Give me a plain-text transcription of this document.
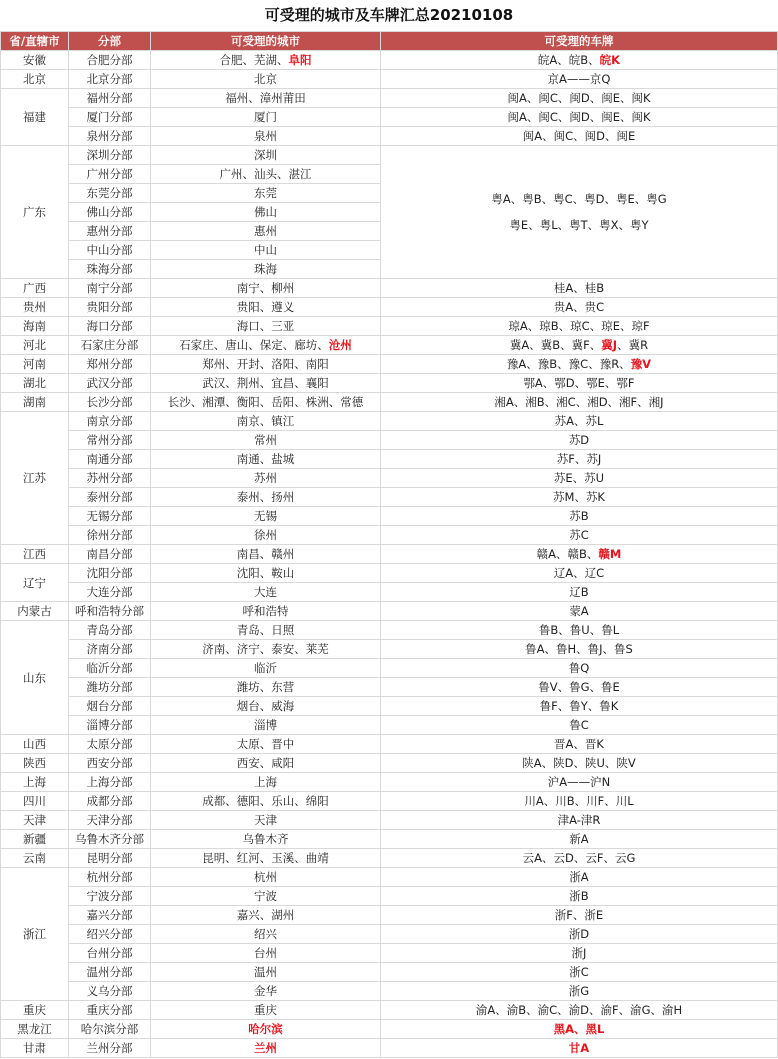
可受理的城市及车牌汇总20210108
省/直辖市	分部	可受理的城市	可受理的车牌
安徽	合肥分部	合肥、芜湖、阜阳	皖A、皖B、皖K
北京	北京分部	北京	京A——京Q
福建	福州分部	福州、漳州莆田	闽A、闽C、闽D、闽E、闽K
	厦门分部	厦门	闽A、闽C、闽D、闽E、闽K
	泉州分部	泉州	闽A、闽C、闽D、闽E
广东	深圳分部	深圳	粤A、粤B、粤C、粤D、粤E、粤G
粤E、粤L、粤T、粤X、粤Y

	广州分部	广州、汕头、湛江	
	东莞分部	东莞	
	佛山分部	佛山	
	惠州分部	惠州	
	中山分部	中山	
	珠海分部	珠海	
广西	南宁分部	南宁、柳州	桂A、桂B
贵州	贵阳分部	贵阳、遵义	贵A、贵C
海南	海口分部	海口、三亚	琼A、琼B、琼C、琼E、琼F
河北	石家庄分部	石家庄、唐山、保定、廊坊、沧州	冀A、冀B、冀F、冀J、冀R
河南	郑州分部	郑州、开封、洛阳、南阳	豫A、豫B、豫C、豫R、豫V
湖北	武汉分部	武汉、荆州、宜昌、襄阳	鄂A、鄂D、鄂E、鄂F
湖南	长沙分部	长沙、湘潭、衡阳、岳阳、株洲、常德	湘A、湘B、湘C、湘D、湘F、湘J
江苏	南京分部	南京、镇江	苏A、苏L
	常州分部	常州	苏D
	南通分部	南通、盐城	苏F、苏J
	苏州分部	苏州	苏E、苏U
	泰州分部	泰州、扬州	苏M、苏K
	无锡分部	无锡	苏B
	徐州分部	徐州	苏C
江西	南昌分部	南昌、赣州	赣A、赣B、赣M
辽宁	沈阳分部	沈阳、鞍山	辽A、辽C
	大连分部	大连	辽B
内蒙古	呼和浩特分部	呼和浩特	蒙A
山东	青岛分部	青岛、日照	鲁B、鲁U、鲁L
	济南分部	济南、济宁、泰安、莱芜	鲁A、鲁H、鲁J、鲁S
	临沂分部	临沂	鲁Q
	潍坊分部	潍坊、东营	鲁V、鲁G、鲁E
	烟台分部	烟台、威海	鲁F、鲁Y、鲁K
	淄博分部	淄博	鲁C
山西	太原分部	太原、晋中	晋A、晋K
陕西	西安分部	西安、咸阳	陕A、陕D、陕U、陕V
上海	上海分部	上海	沪A——沪N
四川	成都分部	成都、德阳、乐山、绵阳	川A、川B、川F、川L
天津	天津分部	天津	津A-津R
新疆	乌鲁木齐分部	乌鲁木齐	新A
云南	昆明分部	昆明、红河、玉溪、曲靖	云A、云D、云F、云G
浙江	杭州分部	杭州	浙A
	宁波分部	宁波	浙B
	嘉兴分部	嘉兴、湖州	浙F、浙E
	绍兴分部	绍兴	浙D
	台州分部	台州	浙J
	温州分部	温州	浙C
	义乌分部	金华	浙G
重庆	重庆分部	重庆	渝A、渝B、渝C、渝D、渝F、渝G、渝H
黑龙江	哈尔滨分部	哈尔滨	黑A、黑L
甘肃	兰州分部	兰州	甘A
